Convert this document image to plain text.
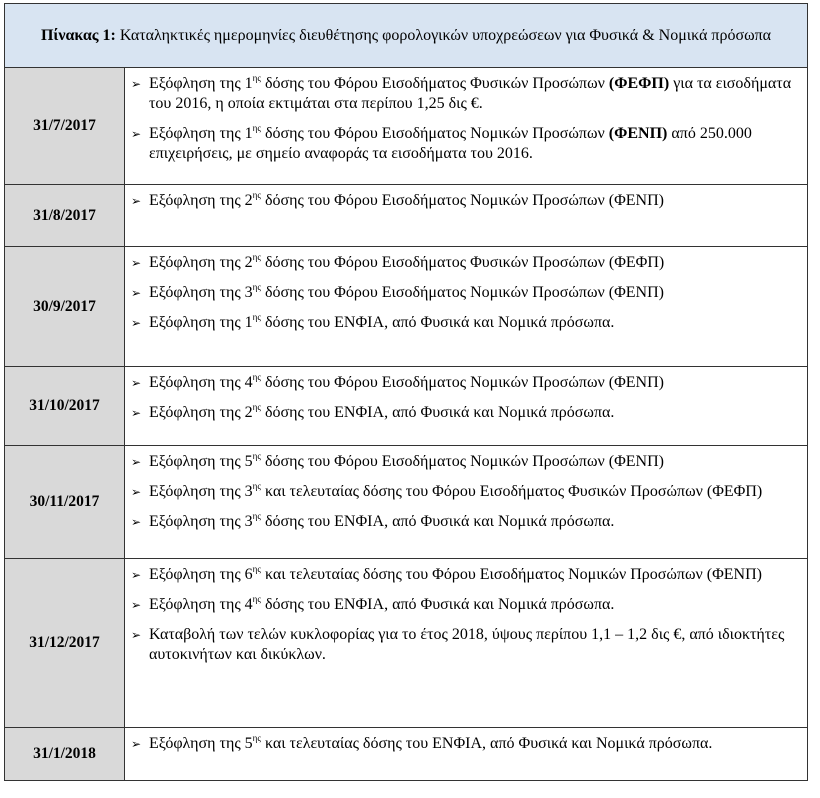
Πίνακας 1: Καταληκτικές ημερομηνίες διευθέτησης φορολογικών υποχρεώσεων για Φυσικά & Νομικά πρόσωπα
31/7/2017
➢ Εξόφληση της $1^{\eta\varsigma}$ δόσης του Φόρου Εισοδήματος Φυσικών Προσώπων (ΦΕΦΠ) για τα εισοδήματα του 2016, η οποία εκτιμάται στα περίπου 1,25 δις €.
➢ Εξόφληση της $1^{\eta\varsigma}$ δόσης του Φόρου Εισοδήματος Νομικών Προσώπων (ΦΕΝΠ) από 250.000 επιχειρήσεις, με σημείο αναφοράς τα εισοδήματα του 2016.
31/8/2017
➢ Εξόφληση της $2^{\eta\varsigma}$ δόσης του Φόρου Εισοδήματος Νομικών Προσώπων (ΦΕΝΠ)
30/9/2017
➢ Εξόφληση της $2^{\eta\varsigma}$ δόσης του Φόρου Εισοδήματος Φυσικών Προσώπων (ΦΕΦΠ)
➢ Εξόφληση της $3^{\eta\varsigma}$ δόσης του Φόρου Εισοδήματος Νομικών Προσώπων (ΦΕΝΠ)
➢ Εξόφληση της $1^{\eta\varsigma}$ δόσης του ΕΝΦΙΑ, από Φυσικά και Νομικά πρόσωπα.
31/10/2017
➢ Εξόφληση της $4^{\eta\varsigma}$ δόσης του Φόρου Εισοδήματος Νομικών Προσώπων (ΦΕΝΠ)
➢ Εξόφληση της $2^{\eta\varsigma}$ δόσης του ΕΝΦΙΑ, από Φυσικά και Νομικά πρόσωπα.
30/11/2017
➢ Εξόφληση της $5^{\eta\varsigma}$ δόσης του Φόρου Εισοδήματος Νομικών Προσώπων (ΦΕΝΠ)
➢ Εξόφληση της $3^{\eta\varsigma}$ και τελευταίας δόσης του Φόρου Εισοδήματος Φυσικών Προσώπων (ΦΕΦΠ)
➢ Εξόφληση της $3^{\eta\varsigma}$ δόσης του ΕΝΦΙΑ, από Φυσικά και Νομικά πρόσωπα.
31/12/2017
➢ Εξόφληση της $6^{\eta\varsigma}$ και τελευταίας δόσης του Φόρου Εισοδήματος Νομικών Προσώπων (ΦΕΝΠ)
➢ Εξόφληση της $4^{\eta\varsigma}$ δόσης του ΕΝΦΙΑ, από Φυσικά και Νομικά πρόσωπα.
➢ Καταβολή των τελών κυκλοφορίας για το έτος 2018, ύψους περίπου 1,1 – 1,2 δις €, από ιδιοκτήτες αυτοκινήτων και δικύκλων.
31/1/2018
➢ Εξόφληση της $5^{\eta\varsigma}$ και τελευταίας δόσης του ΕΝΦΙΑ, από Φυσικά και Νομικά πρόσωπα.
